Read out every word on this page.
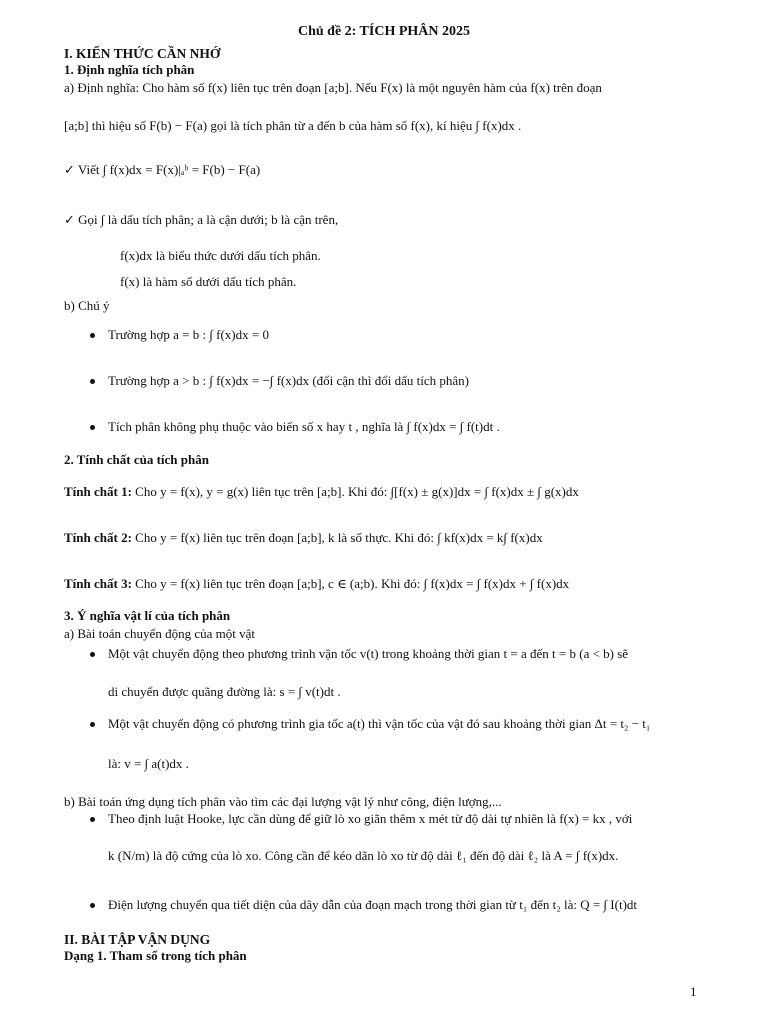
Chủ đề 2: TÍCH PHÂN 2025
I. KIẾN THỨC CẦN NHỚ
1. Định nghĩa tích phân
a) Định nghĩa: Cho hàm số f(x) liên tục trên đoạn [a;b]. Nếu F(x) là một nguyên hàm của f(x) trên đoạn
[a;b] thì hiệu số F(b) − F(a) gọi là tích phân từ a đến b của hàm số f(x), kí hiệu ∫ f(x)dx .
✓ Viết ∫ f(x)dx = F(x)|ₐᵇ = F(b) − F(a)
✓ Gọi ∫ là dấu tích phân; a là cận dưới; b là cận trên,
f(x)dx là biểu thức dưới dấu tích phân.
f(x) là hàm số dưới dấu tích phân.
b) Chú ý
Trường hợp a = b : ∫ f(x)dx = 0
Trường hợp a > b : ∫ f(x)dx = −∫ f(x)dx (đổi cận thì đổi dấu tích phân)
Tích phân không phụ thuộc vào biến số x hay t , nghĩa là ∫ f(x)dx = ∫ f(t)dt .
2. Tính chất của tích phân
Tính chất 1: Cho y = f(x), y = g(x) liên tục trên [a;b]. Khi đó: ∫[f(x) ± g(x)]dx = ∫ f(x)dx ± ∫ g(x)dx
Tính chất 2: Cho y = f(x) liên tục trên đoạn [a;b], k là số thực. Khi đó: ∫ kf(x)dx = k∫ f(x)dx
Tính chất 3: Cho y = f(x) liên tục trên đoạn [a;b], c ∈ (a;b). Khi đó: ∫ f(x)dx = ∫ f(x)dx + ∫ f(x)dx
3. Ý nghĩa vật lí của tích phân
a) Bài toán chuyển động của một vật
Một vật chuyển động theo phương trình vận tốc v(t) trong khoảng thời gian t = a đến t = b (a < b) sẽ
di chuyển được quãng đường là: s = ∫ v(t)dt .
Một vật chuyển động có phương trình gia tốc a(t) thì vận tốc của vật đó sau khoảng thời gian Δt = t₂ − t₁
là: v = ∫ a(t)dx .
b) Bài toán ứng dụng tích phân vào tìm các đại lượng vật lý như công, điện lượng,...
Theo định luật Hooke, lực cần dùng để giữ lò xo giãn thêm x mét từ độ dài tự nhiên là f(x) = kx , với
k (N/m) là độ cứng của lò xo. Công cần để kéo dãn lò xo từ độ dài ℓ₁ đến độ dài ℓ₂ là A = ∫ f(x)dx.
Điện lượng chuyển qua tiết diện của dây dẫn của đoạn mạch trong thời gian từ t₁ đến t₂ là: Q = ∫ I(t)dt
II. BÀI TẬP VẬN DỤNG
Dạng 1. Tham số trong tích phân
1
